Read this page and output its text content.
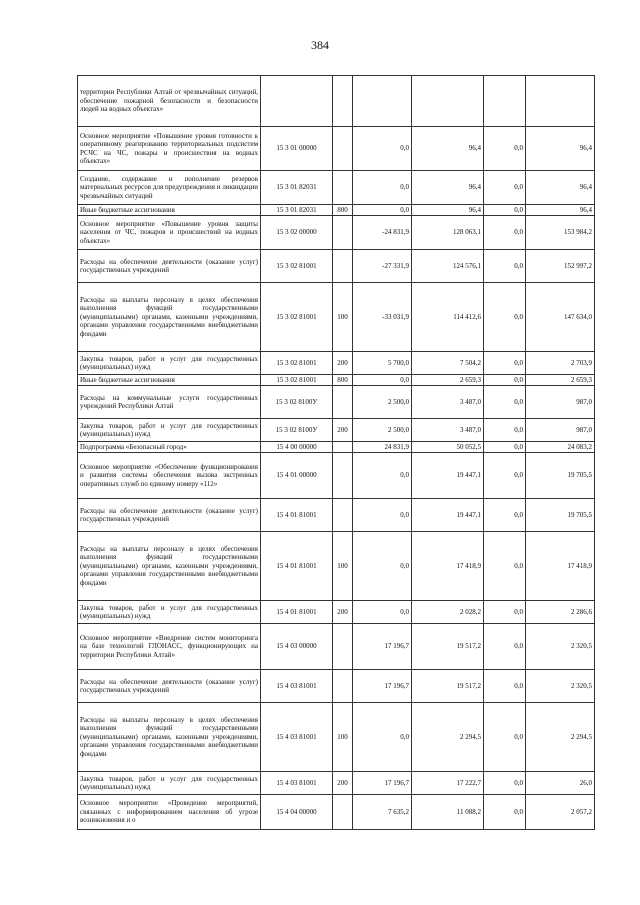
384
территории Республики Алтай от чрезвычайных ситуаций, обеспечение пожарной безопасности и безопасности людей на водных объектах»						
Основное мероприятие «Повышение уровня готовности к оперативному реагированию территориальных подсистем РСЧС на ЧС, пожары и происшествия на водных объектах»	15 3 01 00000		0,0	96,4	0,0	96,4
Создание, содержание и пополнение резервов материальных ресурсов для предупреждения и ликвидации чрезвычайных ситуаций	15 3 01 82031		0,0	96,4	0,0	96,4
Иные бюджетные ассигнования	15 3 01 82031	800	0,0	96,4	0,0	96,4
Основное мероприятие «Повышение уровня защиты населения от ЧС, пожаров и происшествий на водных объектах»	15 3 02 00000		-24 831,9	128 063,1	0,0	153 984,2
Расходы на обеспечение деятельности (оказание услуг) государственных учреждений	15 3 02 81001		-27 331,9	124 576,1	0,0	152 997,2
Расходы на выплаты персоналу в целях обеспечения выполнения функций государственными (муниципальными) органами, казенными учреждениями, органами управления государственными внебюджетными фондами	15 3 02 81001	100	-33 031,9	114 412,6	0,0	147 634,0
Закупка товаров, работ и услуг для государственных (муниципальных) нужд	15 3 02 81001	200	5 700,0	7 504,2	0,0	2 703,9
Иные бюджетные ассигнования	15 3 02 81001	800	0,0	2 659,3	0,0	2 659,3
Расходы на коммунальные услуги государственных учреждений Республики Алтай	15 3 02 8100У		2 500,0	3 487,0	0,0	987,0
Закупка товаров, работ и услуг для государственных (муниципальных) нужд	15 3 02 8100У	200	2 500,0	3 487,0	0,0	987,0
Подпрограмма «Безопасный город»	15 4 00 00000		24 831,9	50 052,5	0,0	24 083,2
Основное мероприятие «Обеспечение функционирования и развития системы обеспечения вызова экстренных оперативных служб по единому номеру «112»	15 4 01 00000		0,0	19 447,1	0,0	19 705,5
Расходы на обеспечение деятельности (оказание услуг) государственных учреждений	15 4 01 81001		0,0	19 447,1	0,0	19 705,5
Расходы на выплаты персоналу в целях обеспечения выполнения функций государственными (муниципальными) органами, казенными учреждениями, органами управления государственными внебюджетными фондами	15 4 01 81001	100	0,0	17 418,9	0,0	17 418,9
Закупка товаров, работ и услуг для государственных (муниципальных) нужд	15 4 01 81001	200	0,0	2 028,2	0,0	2 286,6
Основное мероприятие «Внедрение систем мониторинга на базе технологий ГЛОНАСС, функционирующих на территории Республики Алтай»	15 4 03 00000		17 196,7	19 517,2	0,0	2 320,5
Расходы на обеспечение деятельности (оказание услуг) государственных учреждений	15 4 03 81001		17 196,7	19 517,2	0,0	2 320,5
Расходы на выплаты персоналу в целях обеспечения выполнения функций государственными (муниципальными) органами, казенными учреждениями, органами управления государственными внебюджетными фондами	15 4 03 81001	100	0,0	2 294,5	0,0	2 294,5
Закупка товаров, работ и услуг для государственных (муниципальных) нужд	15 4 03 81001	200	17 196,7	17 222,7	0,0	26,0
Основное мероприятие «Проведение мероприятий, связанных с информированием населения об угрозе возникновения и о	15 4 04 00000		7 635,2	11 088,2	0,0	2 057,2
